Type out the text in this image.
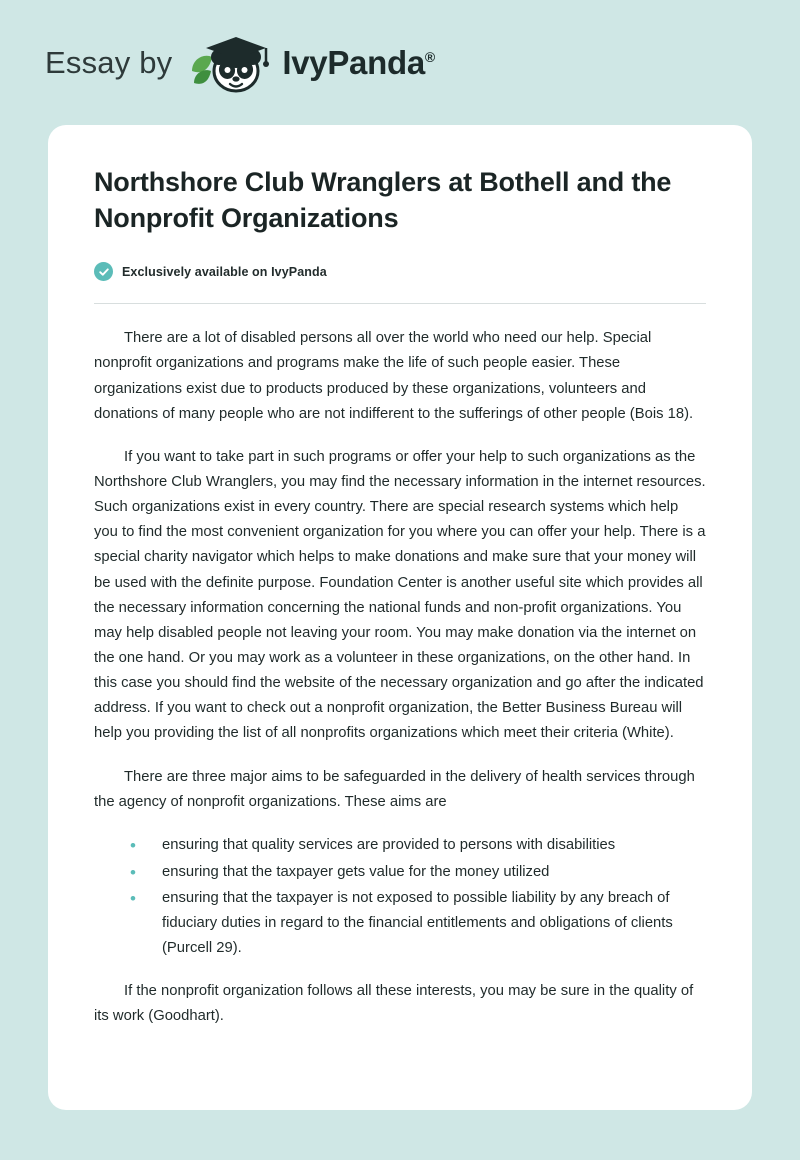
Essay by	IvyPanda®
Northshore Club Wranglers at Bothell and the Nonprofit Organizations
Exclusively available on IvyPanda

There are a lot of disabled persons all over the world who need our help. Special nonprofit organizations and programs make the life of such people easier. These organizations exist due to products produced by these organizations, volunteers and donations of many people who are not indifferent to the sufferings of other people (Bois 18).

If you want to take part in such programs or offer your help to such organizations as the Northshore Club Wranglers, you may find the necessary information in the internet resources. Such organizations exist in every country. There are special research systems which help you to find the most convenient organization for you where you can offer your help. There is a special charity navigator which helps to make donations and make sure that your money will be used with the definite purpose. Foundation Center is another useful site which provides all the necessary information concerning the national funds and non-profit organizations. You may help disabled people not leaving your room. You may make donation via the internet on the one hand. Or you may work as a volunteer in these organizations, on the other hand. In this case you should find the website of the necessary organization and go after the indicated address. If you want to check out a nonprofit organization, the Better Business Bureau will help you providing the list of all nonprofits organizations which meet their criteria (White).

There are three major aims to be safeguarded in the delivery of health services through the agency of nonprofit organizations. These aims are

• ensuring that quality services are provided to persons with disabilities
• ensuring that the taxpayer gets value for the money utilized
• ensuring that the taxpayer is not exposed to possible liability by any breach of fiduciary duties in regard to the financial entitlements and obligations of clients (Purcell 29).

If the nonprofit organization follows all these interests, you may be sure in the quality of its work (Goodhart).
